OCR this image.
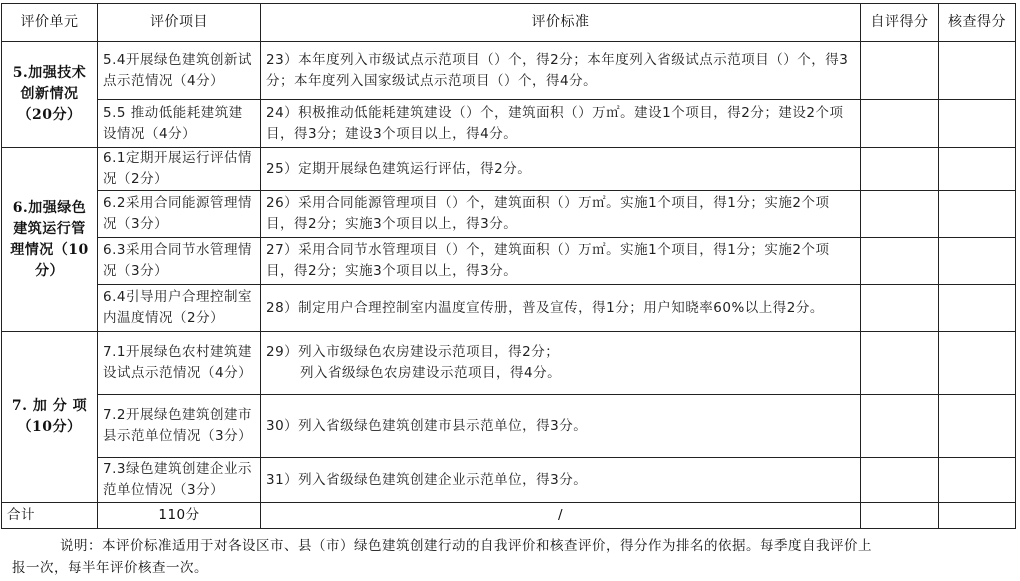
评价单元	评价项目	评价标准	自评得分	核查得分
5.加强技术创新情况（20分）	5.4开展绿色建筑创新试点示范情况（4分）	23）本年度列入市级试点示范项目（）个，得2分；本年度列入省级试点示范项目（）个，得3分；本年度列入国家级试点示范项目（）个，得4分。		
	5.5 推动低能耗建筑建设情况（4分）	24）积极推动低能耗建筑建设（）个，建筑面积（）万㎡。建设1个项目，得2分；建设2个项目，得3分；建设3个项目以上，得4分。		
6.加强绿色建筑运行管理情况（10分）	6.1定期开展运行评估情况（2分）	25）定期开展绿色建筑运行评估，得2分。		
	6.2采用合同能源管理情况（3分）	26）采用合同能源管理项目（）个，建筑面积（）万㎡。实施1个项目，得1分；实施2个项目，得2分；实施3个项目以上，得3分。		
	6.3采用合同节水管理情况（3分）	27）采用合同节水管理项目（）个，建筑面积（）万㎡。实施1个项目，得1分；实施2个项目，得2分；实施3个项目以上，得3分。		
	6.4引导用户合理控制室内温度情况（2分）	28）制定用户合理控制室内温度宣传册，普及宣传，得1分；用户知晓率60%以上得2分。		
7. 加 分 项（10分）	7.1开展绿色农村建筑建设试点示范情况（4分）	29）列入市级绿色农房建设示范项目，得2分；
列入省级绿色农房建设示范项目，得4分。		

	7.2开展绿色建筑创建市县示范单位情况（3分）	30）列入省级绿色建筑创建市县示范单位，得3分。		
	7.3绿色建筑创建企业示范单位情况（3分）	31）列入省级绿色建筑创建企业示范单位，得3分。		
合计	110分	/		
说明：本评价标准适用于对各设区市、县（市）绿色建筑创建行动的自我评价和核查评价，得分作为排名的依据。每季度自我评价上
报一次，每半年评价核查一次。
